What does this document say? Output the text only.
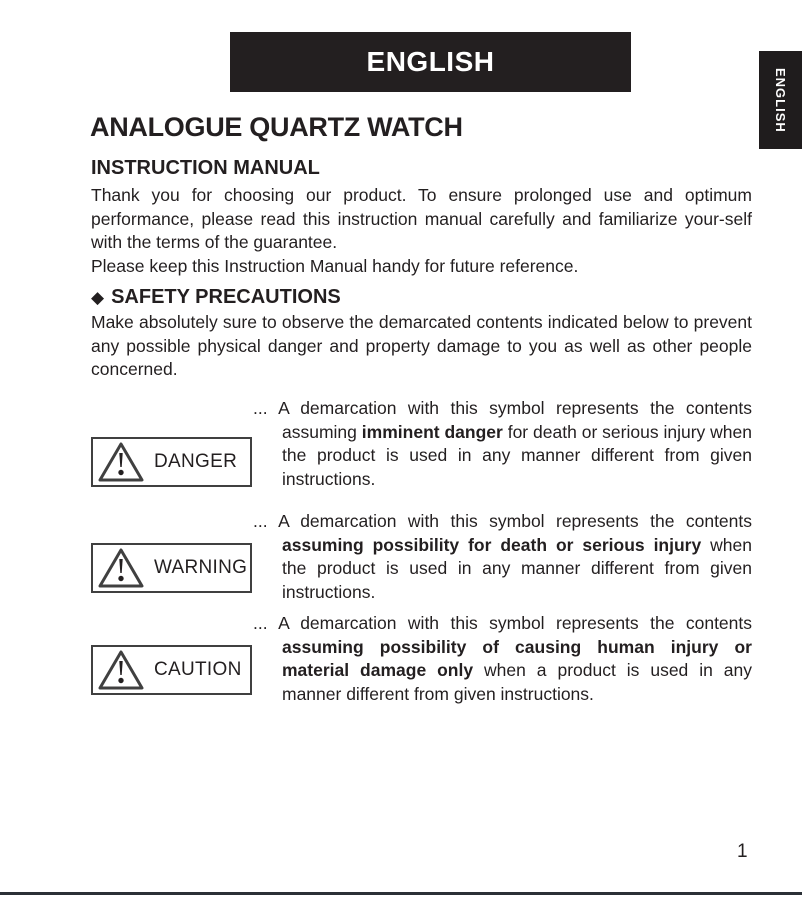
ENGLISH
ENGLISH
ANALOGUE QUARTZ WATCH
INSTRUCTION MANUAL
Thank you for choosing our product. To ensure prolonged use and optimum performance, please read this instruction manual carefully and familiarize your-self with the terms of the guarantee.
Please keep this Instruction Manual handy for future reference.
◆ SAFETY PRECAUTIONS
Make absolutely sure to observe the demarcated contents indicated below to prevent any possible physical danger and property damage to you as well as other people concerned.
DANGER
... A demarcation with this symbol represents the contents assuming imminent danger for death or serious injury when the product is used in any manner different from given instructions.
WARNING
... A demarcation with this symbol represents the contents assuming possibility for death or serious injury when the product is used in any manner different from given instructions.
CAUTION
... A demarcation with this symbol represents the contents assuming possibility of causing human injury or material damage only when a product is used in any manner different from given instructions.
1
